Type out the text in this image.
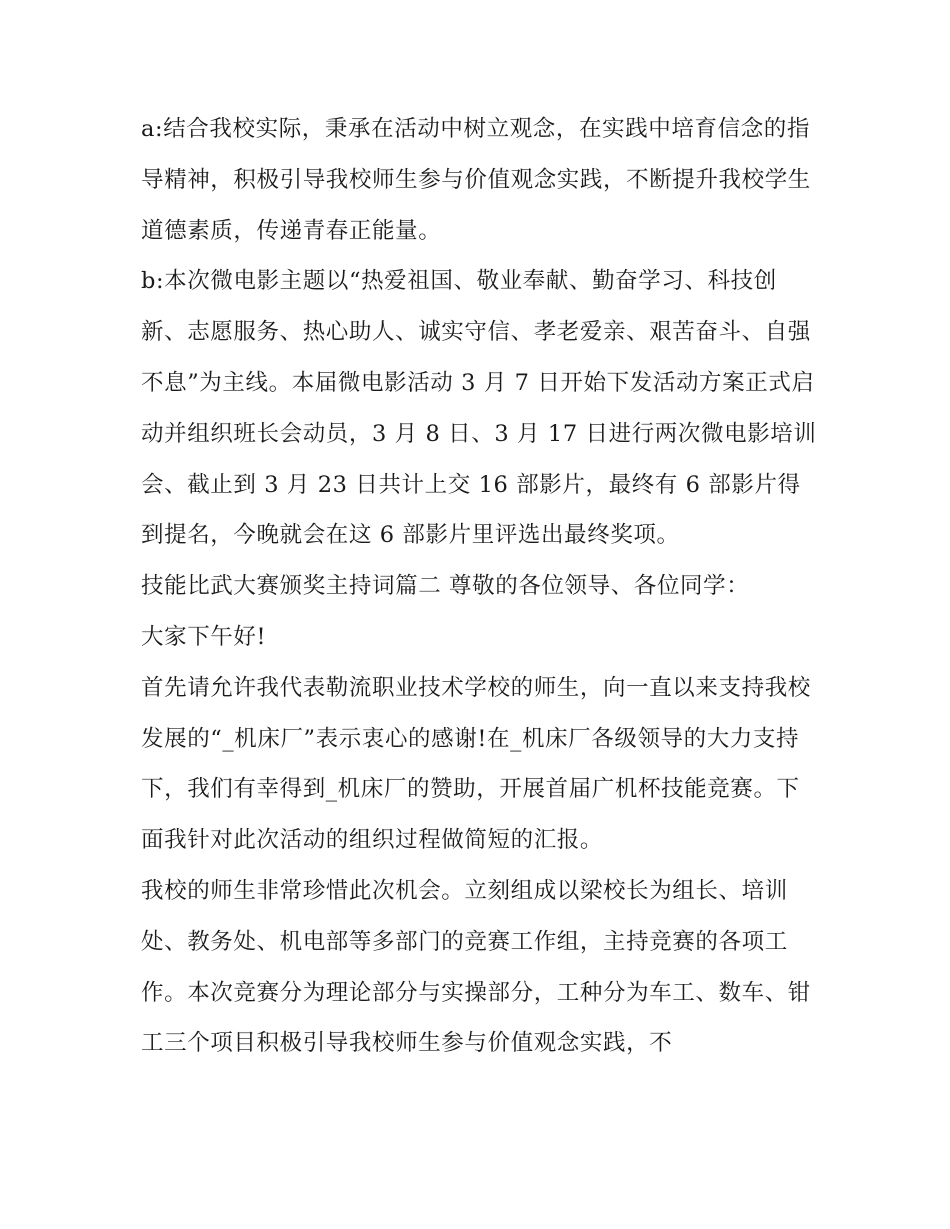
a:结合我校实际，秉承在活动中树立观念，在实践中培育信念的指导精神，积极引导我校师生参与价值观念实践，不断提升我校学生道德素质，传递青春正能量。

b:本次微电影主题以“热爱祖国、敬业奉献、勤奋学习、科技创新、志愿服务、热心助人、诚实守信、孝老爱亲、艰苦奋斗、自强不息”为主线。本届微电影活动 3 月 7 日开始下发活动方案正式启动并组织班长会动员，3 月 8 日、3 月 17 日进行两次微电影培训会、截止到 3 月 23 日共计上交 16 部影片，最终有 6 部影片得到提名，今晚就会在这 6 部影片里评选出最终奖项。

技能比武大赛颁奖主持词篇二 尊敬的各位领导、各位同学：

大家下午好!

首先请允许我代表勒流职业技术学校的师生，向一直以来支持我校发展的“_机床厂”表示衷心的感谢!在_机床厂各级领导的大力支持下，我们有幸得到_机床厂的赞助，开展首届广机杯技能竞赛。下面我针对此次活动的组织过程做简短的汇报。

我校的师生非常珍惜此次机会。立刻组成以梁校长为组长、培训处、教务处、机电部等多部门的竞赛工作组，主持竞赛的各项工作。本次竞赛分为理论部分与实操部分，工种分为车工、数车、钳工三个项目积极引导我校师生参与价值观念实践，不
